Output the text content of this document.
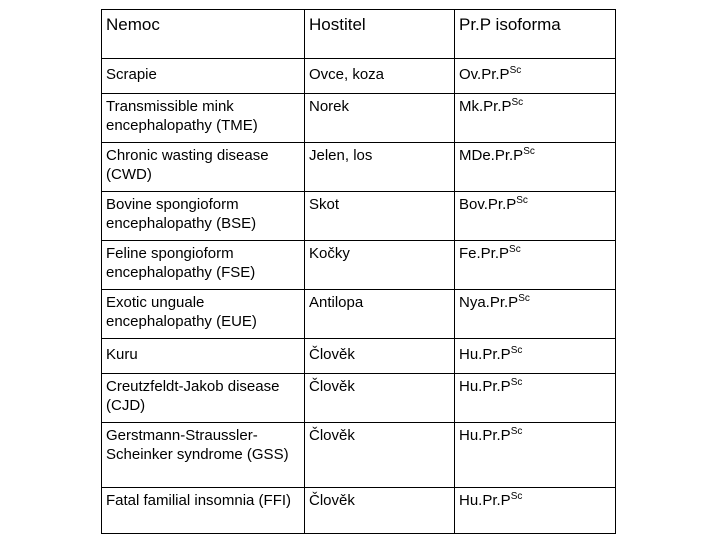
Nemoc	Hostitel	Pr.P isoforma
Scrapie	Ovce, koza	$Ov.Pr.P^{Sc}$
Transmissible mink encephalopathy (TME)	Norek	$Mk.Pr.P^{Sc}$
Chronic wasting disease (CWD)	Jelen, los	$MDe.Pr.P^{Sc}$
Bovine spongioform encephalopathy (BSE)	Skot	$Bov.Pr.P^{Sc}$
Feline spongioform encephalopathy (FSE)	Kočky	$Fe.Pr.P^{Sc}$
Exotic unguale encephalopathy (EUE)	Antilopa	$Nya.Pr.P^{Sc}$
Kuru	Člověk	$Hu.Pr.P^{Sc}$
Creutzfeldt-Jakob disease (CJD)	Člověk	$Hu.Pr.P^{Sc}$
Gerstmann-Straussler-Scheinker syndrome (GSS)	Člověk	$Hu.Pr.P^{Sc}$
Fatal familial insomnia (FFI)	Člověk	$Hu.Pr.P^{Sc}$
